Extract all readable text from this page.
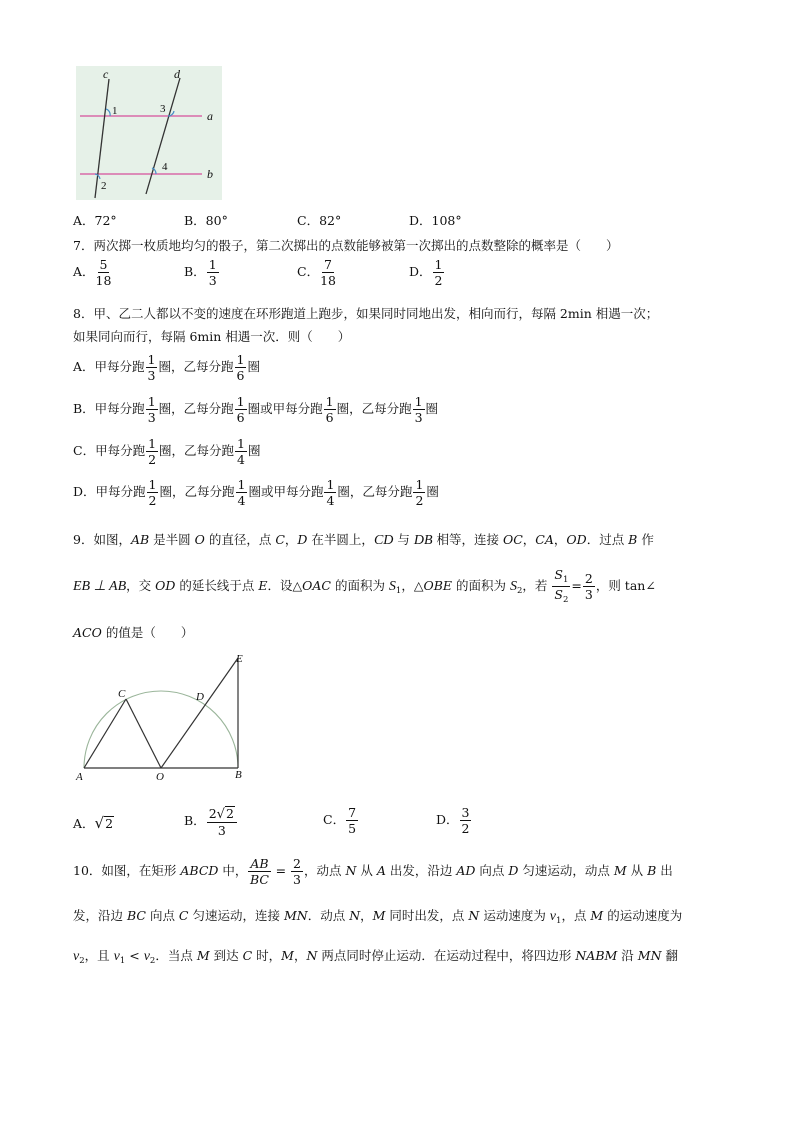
c	d
a
b
1
2
3
4
A．72°	B．80°	C．82°	D．108°
7．两次掷一枚质地均匀的骰子，第二次掷出的点数能够被第一次掷出的点数整除的概率是（　　）
A． $\frac{5}{18}$	B． $\frac{1}{3}$	C． $\frac{7}{18}$	D． $\frac{1}{2}$
8．甲、乙二人都以不变的速度在环形跑道上跑步，如果同时同地出发，相向而行，每隔 2min 相遇一次；
如果同向而行，每隔 6min 相遇一次．则（　　）
A．甲每分跑 $\frac{1}{3}$ 圈，乙每分跑 $\frac{1}{6}$ 圈
B．甲每分跑 $\frac{1}{3}$ 圈，乙每分跑 $\frac{1}{6}$ 圈或甲每分跑 $\frac{1}{6}$ 圈，乙每分跑 $\frac{1}{3}$ 圈
C．甲每分跑 $\frac{1}{2}$ 圈，乙每分跑 $\frac{1}{4}$ 圈
D．甲每分跑 $\frac{1}{2}$ 圈，乙每分跑 $\frac{1}{4}$ 圈或甲每分跑 $\frac{1}{4}$ 圈，乙每分跑 $\frac{1}{2}$ 圈
9．如图，AB 是半圆 O 的直径，点 C，D 在半圆上，CD 与 DB 相等，连接 OC，CA，OD．过点 B 作
EB ⊥ AB，交 OD 的延长线于点 E．设△OAC 的面积为 $S_1$，△OBE 的面积为 $S_2$，若 $\frac{S_1}{S_2} = \frac{2}{3}$ ，则 tan∠
ACO 的值是（　　）
A	O	B
C	D
E
A． √ 2	B． $\frac{2 √ 2}{3}$	C． $\frac{7}{5}$	D． $\frac{3}{2}$
10．如图，在矩形 ABCD 中， $\frac{AB}{BC} = \frac{2}{3}$ ，动点 N 从 A 出发，沿边 AD 向点 D 匀速运动，动点 M 从 B 出
发，沿边 BC 向点 C 匀速运动，连接 MN．动点 N，M 同时出发，点 N 运动速度为 $v_1$，点 M 的运动速度为
$v_2$，且 $v_1 < v_2$．当点 M 到达 C 时，M，N 两点同时停止运动．在运动过程中，将四边形 NABM 沿 MN 翻
